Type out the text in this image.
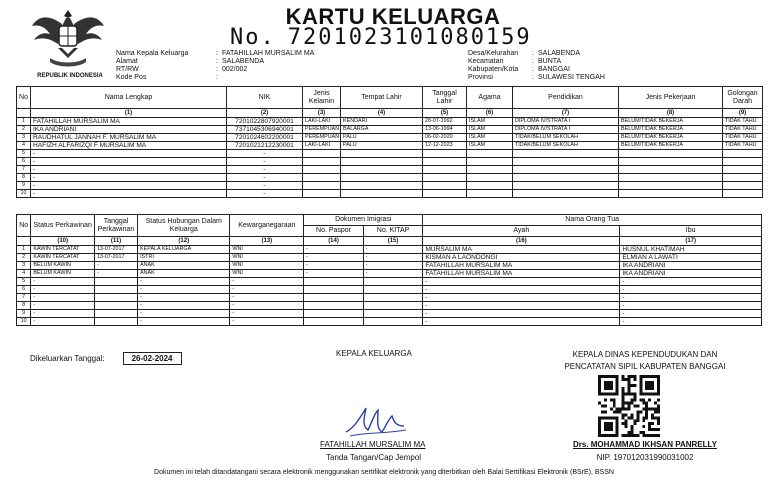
REPUBLIK INDONESIA
KARTU KELUARGA
No. 7201023101080159
Nama Kepala Keluarga	: FATAHILLAH MURSALIM MA
Alamat	: SALABENDA
RT/RW	: 002/002
Kode Pos	:
Desa/Kelurahan	: SALABENDA
Kecamatan	: BUNTA
Kabupaten/Kota	: BANGGAI
Provinsi	: SULAWESI TENGAH
No	Nama Lengkap	NIK	Jenis Kelamin	Tempat Lahir	Tanggal Lahir	Agama	Pendidikan	Jenis Pekerjaan	Golongan Darah
	(1)	(2)	(3)	(4)	(5)	(6)	(7)	(8)	(9)
1	FATAHILLAH MURSALIM MA	7201022807920001	LAKI-LAKI	KENDARI	28-07-1992	ISLAM	DIPLOMA IV/STRATA I	BELUM/TIDAK BEKERJA	TIDAK TAHU
2	IKA ANDRIANI	7371045306940001	PEREMPUAN	BALARGA	13-06-1994	ISLAM	DIPLOMA IV/STRATA I	BELUM/TIDAK BEKERJA	TIDAK TAHU
3	RAUDHATUL JANNAH F. MURSALIM MA	7201024602200001	PEREMPUAN	PALU	06-02-2020	ISLAM	TIDAK/BELUM SEKOLAH	BELUM/TIDAK BEKERJA	TIDAK TAHU
4	HAFIZH ALFARIZQI F MURSALIM MA	7201021212230001	LAKI-LAKI	PALU	12-12-2023	ISLAM	TIDAK/BELUM SEKOLAH	BELUM/TIDAK BEKERJA	TIDAK TAHU
5	-	-							
6	-	-							
7	-	-							
8	-	-							
9	-	-							
10	-	-							
No	Status Perkawinan	Tanggal Perkawinan	Status Hubungan Dalam Keluarga	Kewarganegaraan	Dokumen Imigrasi		Nama Orang Tua	
					No. Paspor	No. KITAP	Ayah	Ibu
	(10)	(11)	(12)	(13)	(14)	(15)	(16)	(17)
1	KAWIN TERCATAT	13-07-2017	KEPALA KELUARGA	WNI	-	-	MURSALIM MA	HUSNUL KHATIMAH
2	KAWIN TERCATAT	13-07-2017	ISTRI	WNI	-	-	KISMAN A LAONDONGI	ELMIAN A LAWATI
3	BELUM KAWIN	-	ANAK	WNI	-	-	FATAHILLAH MURSALIM MA	IKA ANDRIANI
4	BELUM KAWIN	-	ANAK	WNI	-	-	FATAHILLAH MURSALIM MA	IKA ANDRIANI
5	-		-	-			-	-
6	-		-	-			-	-
7	-		-	-			-	-
8	-		-	-			-	-
9	-		-	-			-	-
10	-		-	-			-	-
Dikeluarkan Tanggal:	26-02-2024
KEPALA KELUARGA	KEPALA DINAS KEPENDUDUKAN DAN
PENCATATAN SIPIL KABUPATEN BANGGAI
FATAHILLAH MURSALIM MA
Tanda Tangan/Cap Jempol
Drs. MOHAMMAD IKHSAN PANRELLY
NIP. 197012031990031002
Dokumen ini telah ditandatangani secara elektronik menggunakan sertifikat elektronik yang diterbitkan oleh Balai Sertifikasi Elektronik (BSrE), BSSN
